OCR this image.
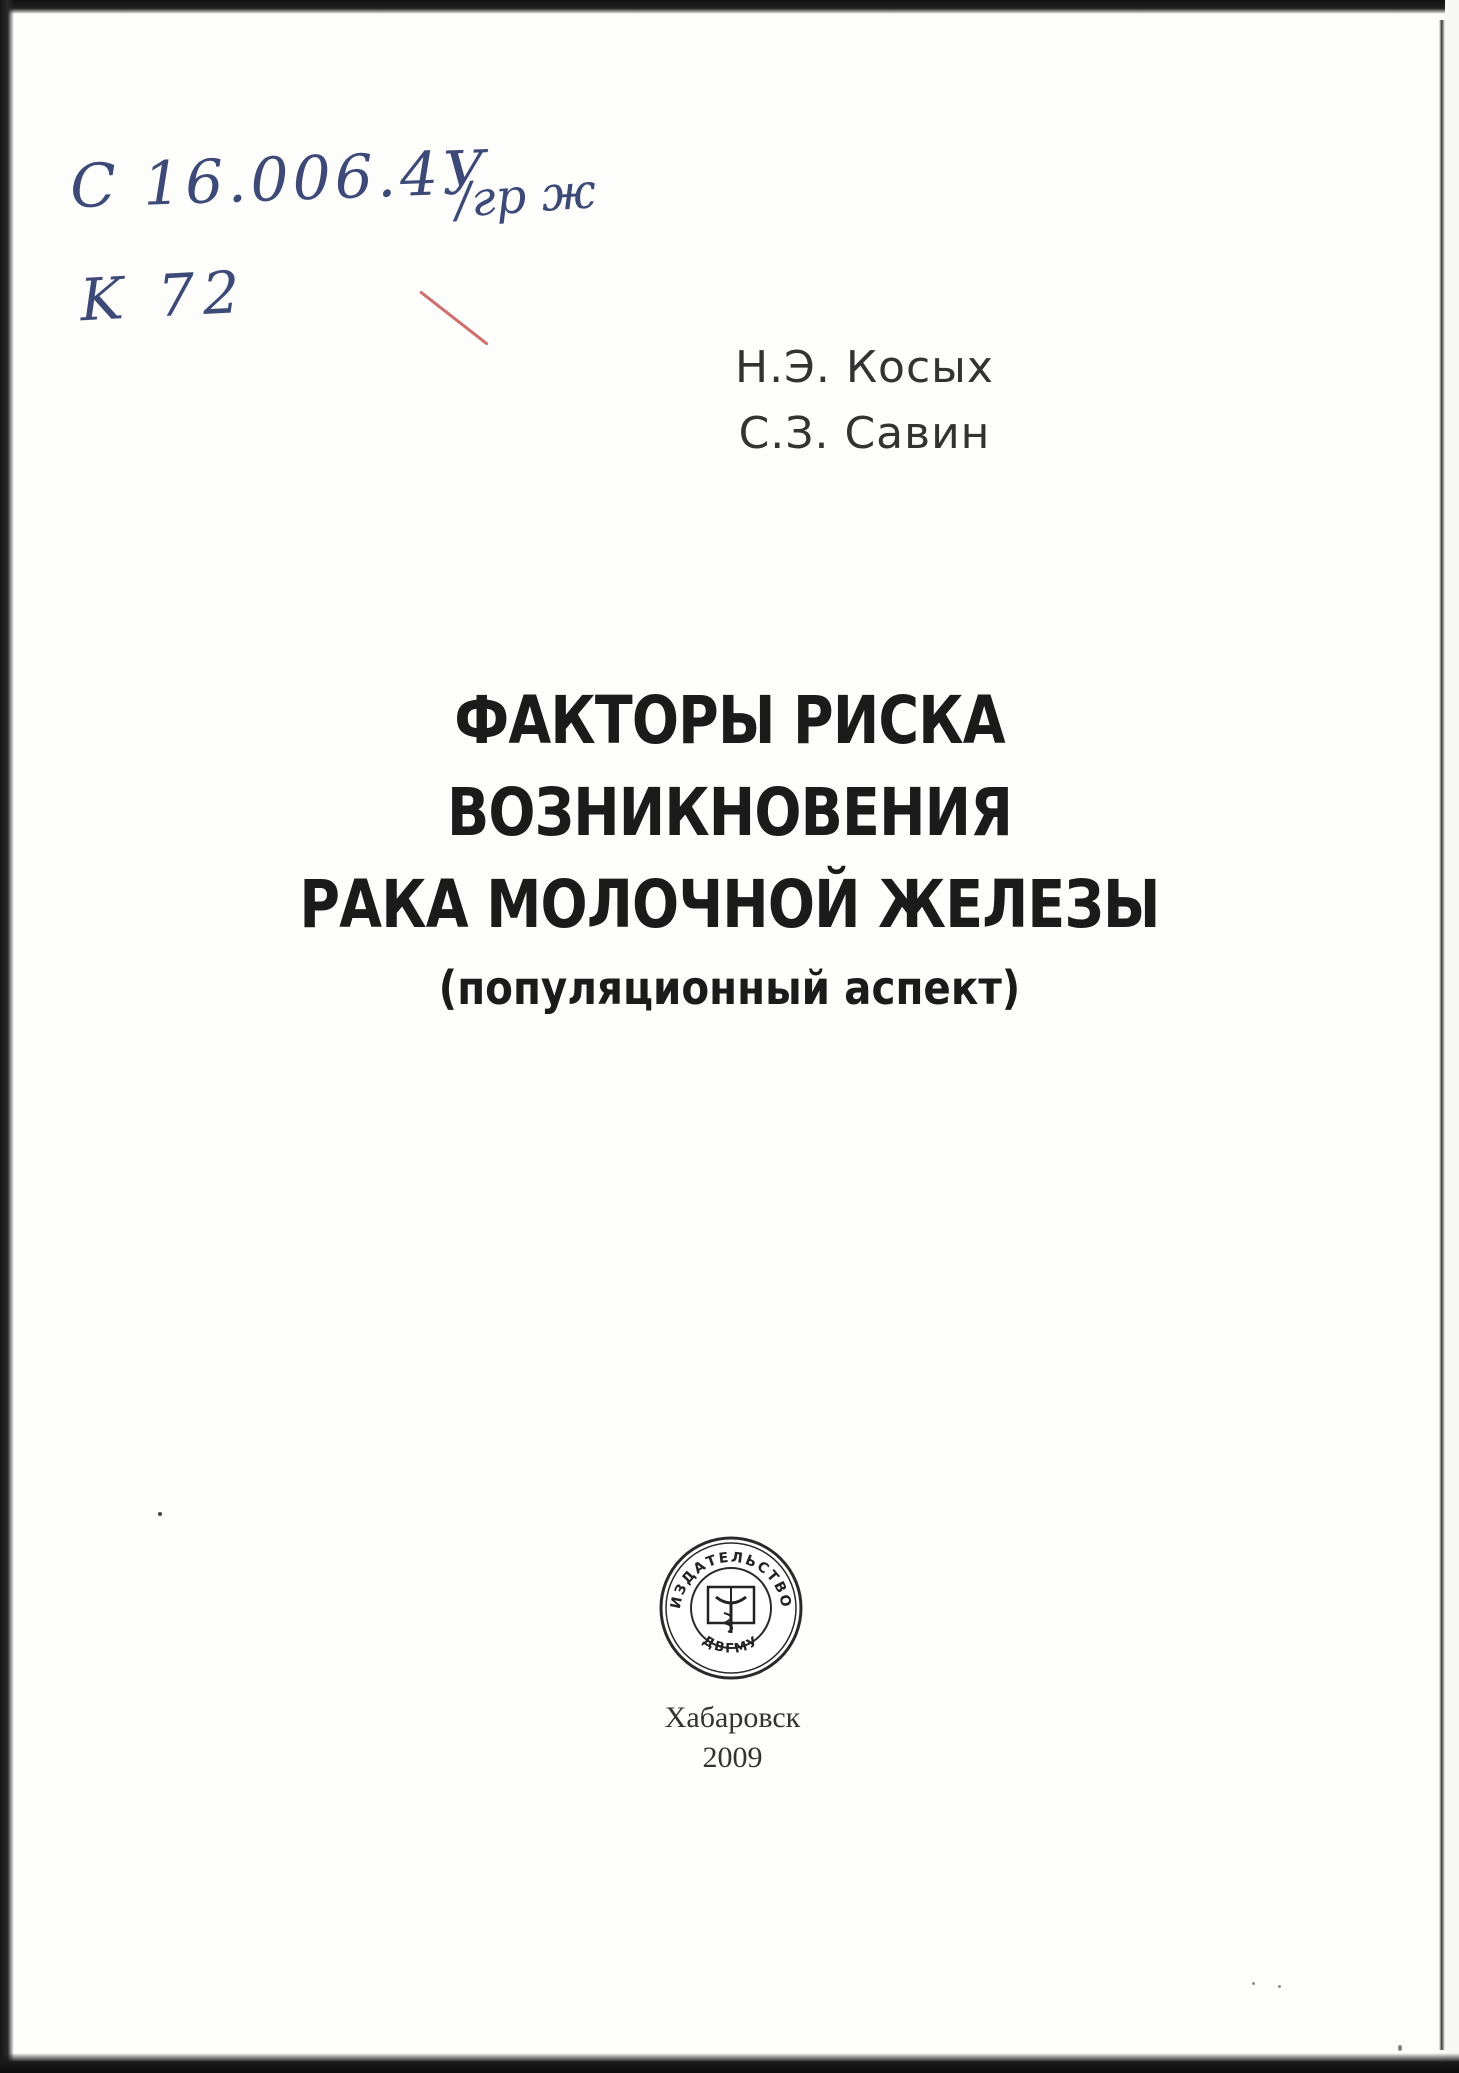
C 16.006.4У
/гр ж
K 72
Н.Э. Косых
С.З. Савин
ФАКТОРЫ РИСКА
ВОЗНИКНОВЕНИЯ
РАКА МОЛОЧНОЙ ЖЕЛЕЗЫ
(популяционный аспект)
ИЗДАТЕЛЬСТВО
ДВГМУ
Хабаровск
2009
